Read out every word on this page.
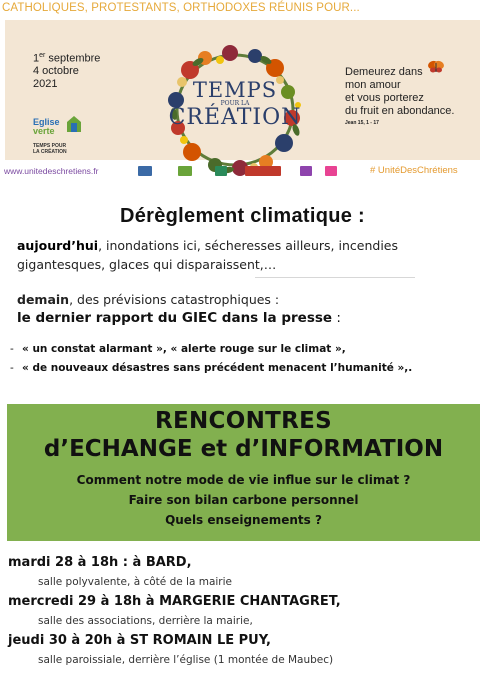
CATHOLIQUES, PROTESTANTS, ORTHODOXES RÉUNIS POUR...
1er septembre
4 octobre
2021
Eglise
verte
TEMPS POUR
LA CRÉATION
TEMPS
POUR LA
CRÉATION
Demeurez dans
mon amour
et vous porterez
du fruit en abondance.
Jean 15, 1 - 17
www.unitedeschretiens.fr	# UnitéDesChrétiens
Dérèglement climatique :
aujourd’hui, inondations ici, sécheresses ailleurs, incendies gigantesques, glaces qui disparaissent,…
demain, des prévisions catastrophiques :
le dernier rapport du GIEC dans la presse :
- « un constat alarmant », « alerte rouge sur le climat »,
- « de nouveaux désastres sans précédent menacent l’humanité »,.
RENCONTRES
d’ECHANGE et d’INFORMATION
Comment notre mode de vie influe sur le climat ?
Faire son bilan carbone personnel
Quels enseignements ?
mardi 28 à 18h : à BARD,
salle polyvalente, à côté de la mairie
mercredi 29 à 18h à MARGERIE CHANTAGRET,
salle des associations, derrière la mairie,
jeudi 30 à 20h à ST ROMAIN LE PUY,
salle paroissiale, derrière l’église (1 montée de Maubec)
